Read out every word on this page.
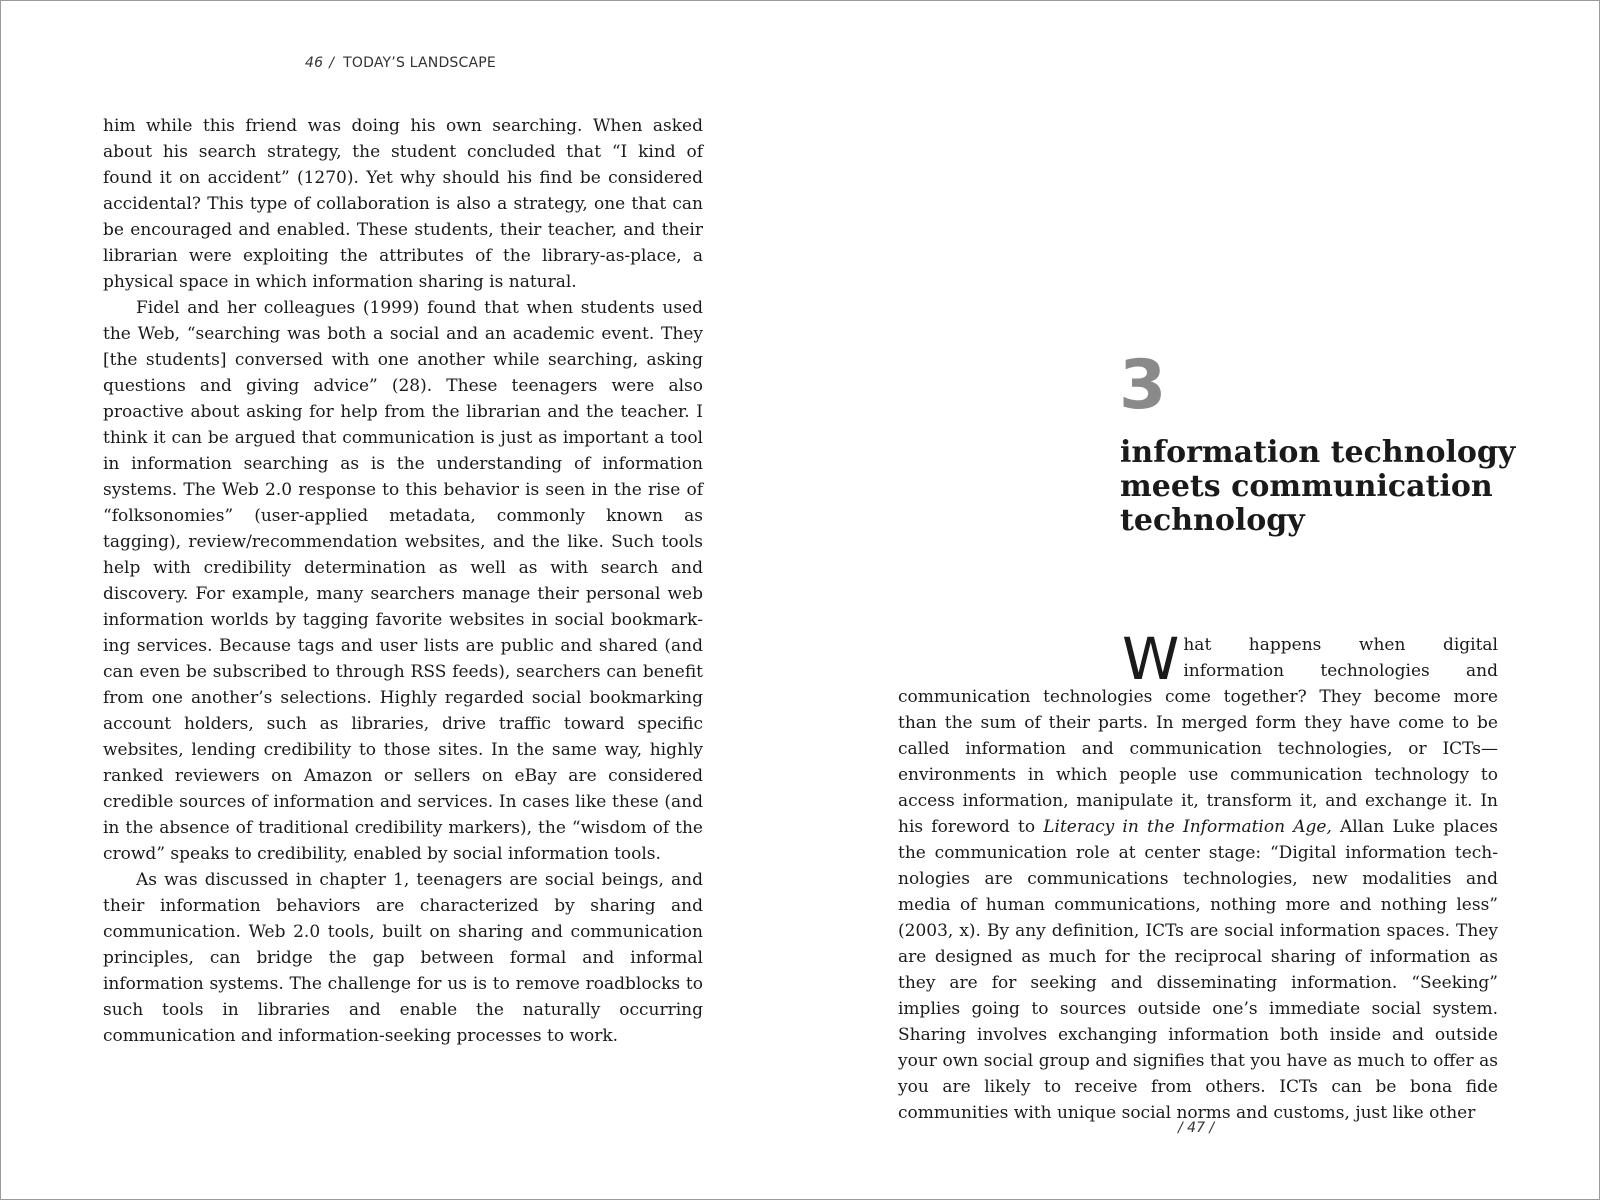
46 / TODAY’S LANDSCAPE

him while this friend was doing his own searching. When asked about his search strategy, the student concluded that “I kind of found it on accident” (1270). Yet why should his find be considered accidental? This type of collaboration is also a strategy, one that can be encouraged and enabled. These students, their teacher, and their librarian were exploiting the attributes of the library-as-place, a physical space in which information sharing is natural.

Fidel and her colleagues (1999) found that when students used the Web, “searching was both a social and an academic event. They [the students] conversed with one another while searching, asking questions and giving advice” (28). These teenagers were also proactive about asking for help from the librarian and the teacher. I think it can be argued that communication is just as important a tool in information searching as is the understanding of information systems. The Web 2.0 response to this behavior is seen in the rise of “folksonomies” (user-applied metadata, commonly known as tagging), review/recommendation websites, and the like. Such tools help with credibility determination as well as with search and discovery. For example, many searchers manage their personal web information worlds by tagging favorite websites in social bookmarking services. Because tags and user lists are public and shared (and can even be subscribed to through RSS feeds), searchers can benefit from one another’s selections. Highly regarded social bookmarking account holders, such as libraries, drive traffic toward specific websites, lending credibility to those sites. In the same way, highly ranked reviewers on Amazon or sellers on eBay are considered credible sources of information and services. In cases like these (and in the absence of traditional credibility markers), the “wisdom of the crowd” speaks to credibility, enabled by social information tools.

As was discussed in chapter 1, teenagers are social beings, and their information behaviors are characterized by sharing and communication. Web 2.0 tools, built on sharing and communication principles, can bridge the gap between formal and informal information systems. The challenge for us is to remove roadblocks to such tools in libraries and enable the naturally occurring communication and information-seeking processes to work.

3
information technology
meets communication
technology

What happens when digital information technologies and communication technologies come together? They become more than the sum of their parts. In merged form they have come to be called information and communication technologies, or ICTs—environments in which people use communication technology to access information, manipulate it, transform it, and exchange it. In his foreword to Literacy in the Information Age, Allan Luke places the communication role at center stage: “Digital information technologies are communications technologies, new modalities and media of human communications, nothing more and nothing less” (2003, x). By any definition, ICTs are social information spaces. They are designed as much for the reciprocal sharing of information as they are for seeking and disseminating information. “Seeking” implies going to sources outside one’s immediate social system. Sharing involves exchanging information both inside and outside your own social group and signifies that you have as much to offer as you are likely to receive from others. ICTs can be bona fide communities with unique social norms and customs, just like other

/ 47 /
